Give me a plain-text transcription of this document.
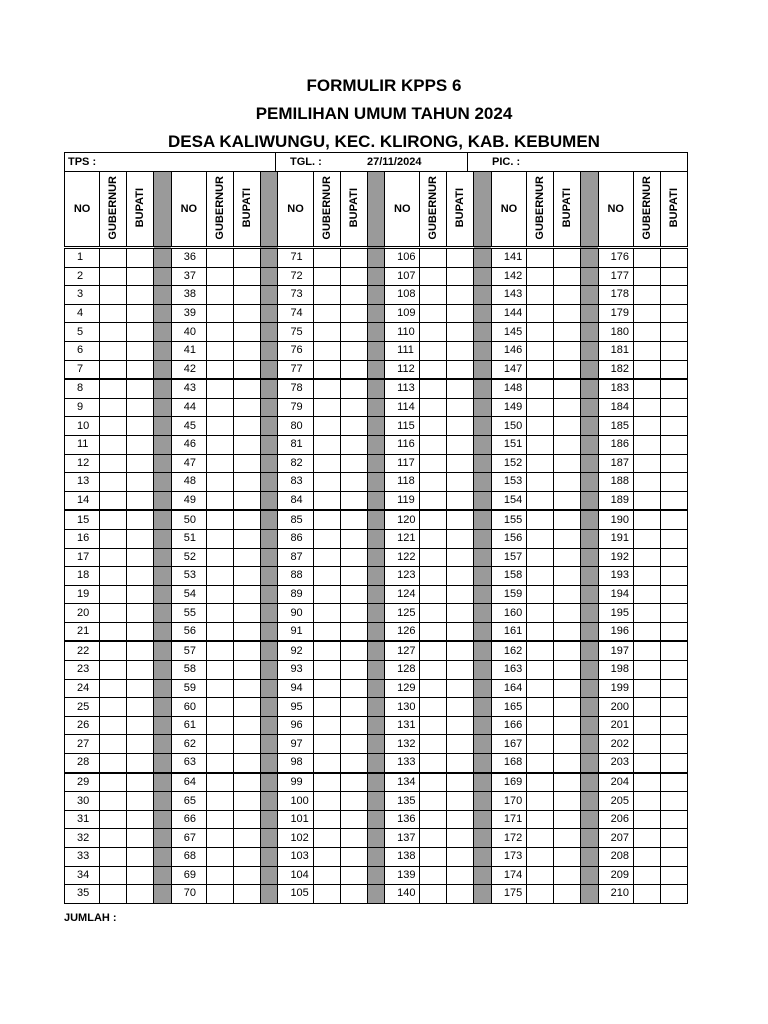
FORMULIR KPPS 6
PEMILIHAN UMUM TAHUN 2024
DESA KALIWUNGU, KEC. KLIRONG, KAB. KEBUMEN
TPS :	TGL. :	27/11/2024	PIC. :
NO	GUBERNUR	BUPATI		NO	GUBERNUR	BUPATI		NO	GUBERNUR	BUPATI		NO	GUBERNUR	BUPATI		NO	GUBERNUR	BUPATI		NO	GUBERNUR	BUPATI
1				36				71				106				141				176		
2				37				72				107				142				177		
3				38				73				108				143				178		
4				39				74				109				144				179		
5				40				75				110				145				180		
6				41				76				111				146				181		
7				42				77				112				147				182		
8				43				78				113				148				183		
9				44				79				114				149				184		
10				45				80				115				150				185		
11				46				81				116				151				186		
12				47				82				117				152				187		
13				48				83				118				153				188		
14				49				84				119				154				189		
15				50				85				120				155				190		
16				51				86				121				156				191		
17				52				87				122				157				192		
18				53				88				123				158				193		
19				54				89				124				159				194		
20				55				90				125				160				195		
21				56				91				126				161				196		
22				57				92				127				162				197		
23				58				93				128				163				198		
24				59				94				129				164				199		
25				60				95				130				165				200		
26				61				96				131				166				201		
27				62				97				132				167				202		
28				63				98				133				168				203		
29				64				99				134				169				204		
30				65				100				135				170				205		
31				66				101				136				171				206		
32				67				102				137				172				207		
33				68				103				138				173				208		
34				69				104				139				174				209		
35				70				105				140				175				210		
JUMLAH :
